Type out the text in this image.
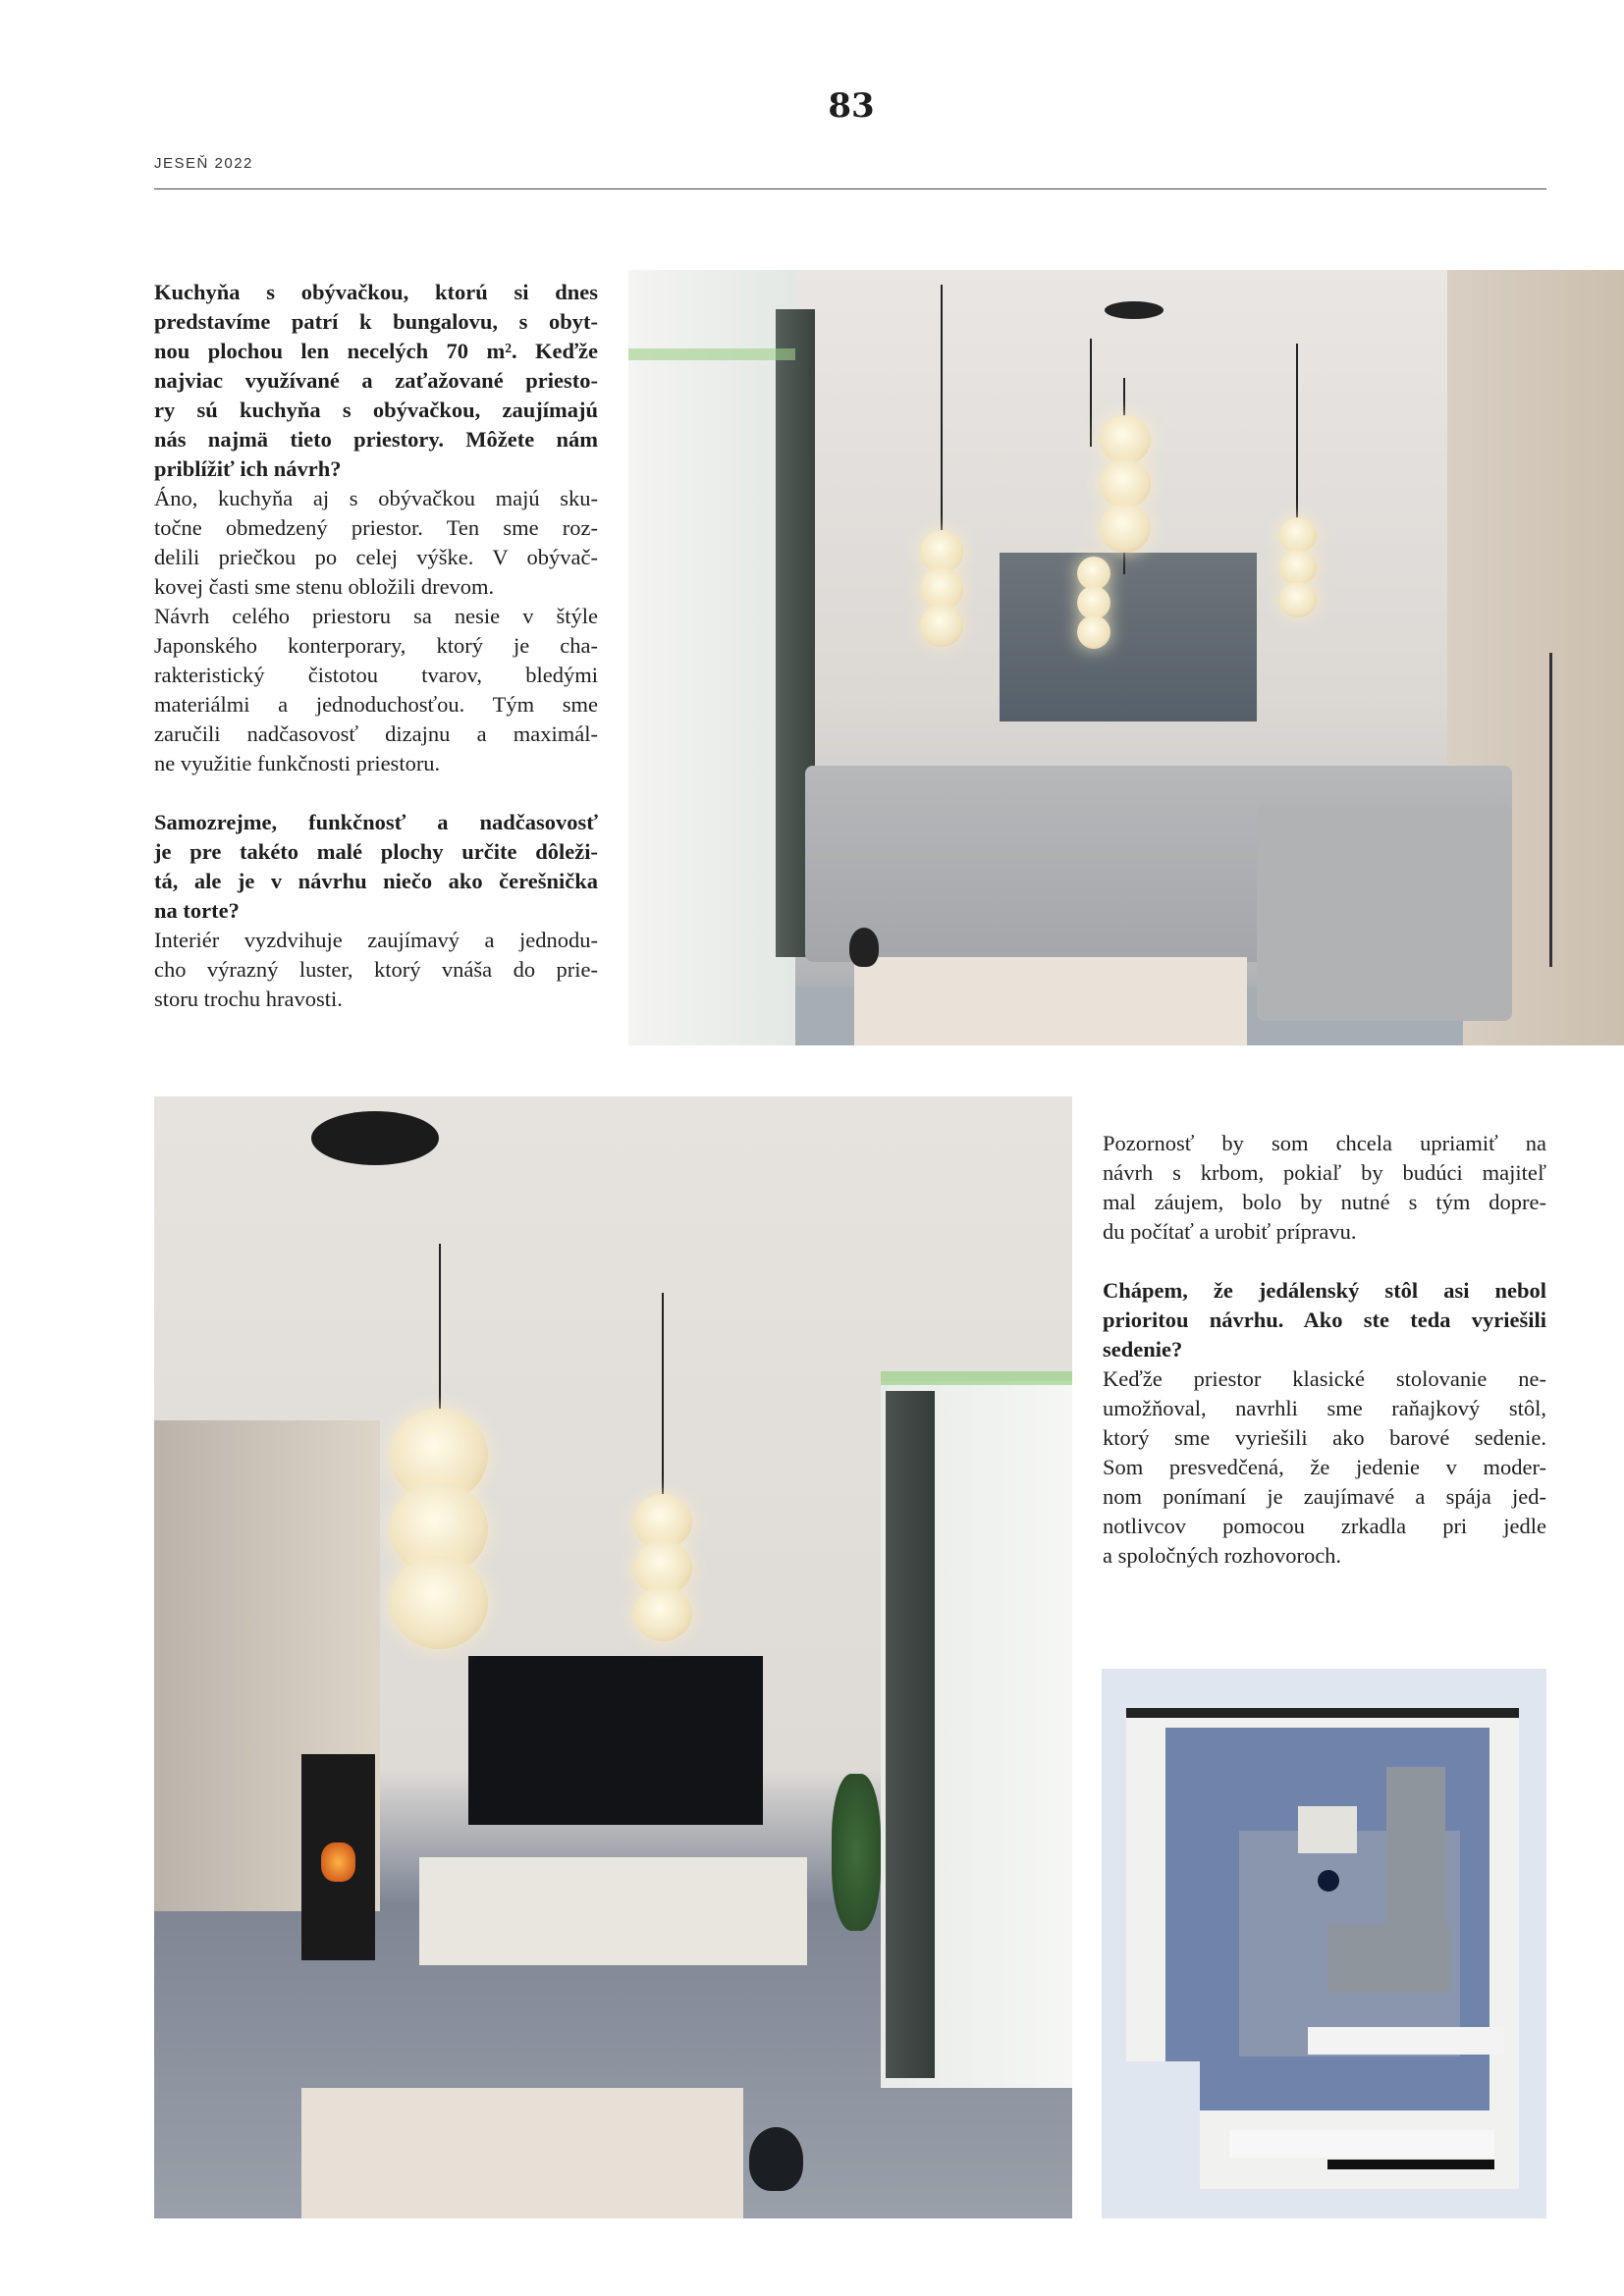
83
JESEŇ 2022
Kuchyňa s obývačkou, ktorú si dnes
predstavíme patrí k bungalovu, s obyt-
nou plochou len necelých 70 m². Keďže
najviac využívané a zaťažované priesto-
ry sú kuchyňa s obývačkou, zaujímajú
nás najmä tieto priestory. Môžete nám
priblížiť ich návrh?
Áno, kuchyňa aj s obývačkou majú sku-
točne obmedzený priestor. Ten sme roz-
delili priečkou po celej výške. V obývač-
kovej časti sme stenu obložili drevom.
Návrh celého priestoru sa nesie v štýle
Japonského konterporary, ktorý je cha-
rakteristický čistotou tvarov, bledými
materiálmi a jednoduchosťou. Tým sme
zaručili nadčasovosť dizajnu a maximál-
ne využitie funkčnosti priestoru.
Samozrejme, funkčnosť a nadčasovosť
je pre takéto malé plochy určite dôleži-
tá, ale je v návrhu niečo ako čerešnička
na torte?
Interiér vyzdvihuje zaujímavý a jednodu-
cho výrazný luster, ktorý vnáša do prie-
storu trochu hravosti.
Pozornosť by som chcela upriamiť na
návrh s krbom, pokiaľ by budúci majiteľ
mal záujem, bolo by nutné s tým dopre-
du počítať a urobiť prípravu.
Chápem, že jedálenský stôl asi nebol
prioritou návrhu. Ako ste teda vyriešili
sedenie?
Keďže priestor klasické stolovanie ne-
umožňoval, navrhli sme raňajkový stôl,
ktorý sme vyriešili ako barové sedenie.
Som presvedčená, že jedenie v moder-
nom ponímaní je zaujímavé a spája jed-
notlivcov pomocou zrkadla pri jedle
a spoločných rozhovoroch.
